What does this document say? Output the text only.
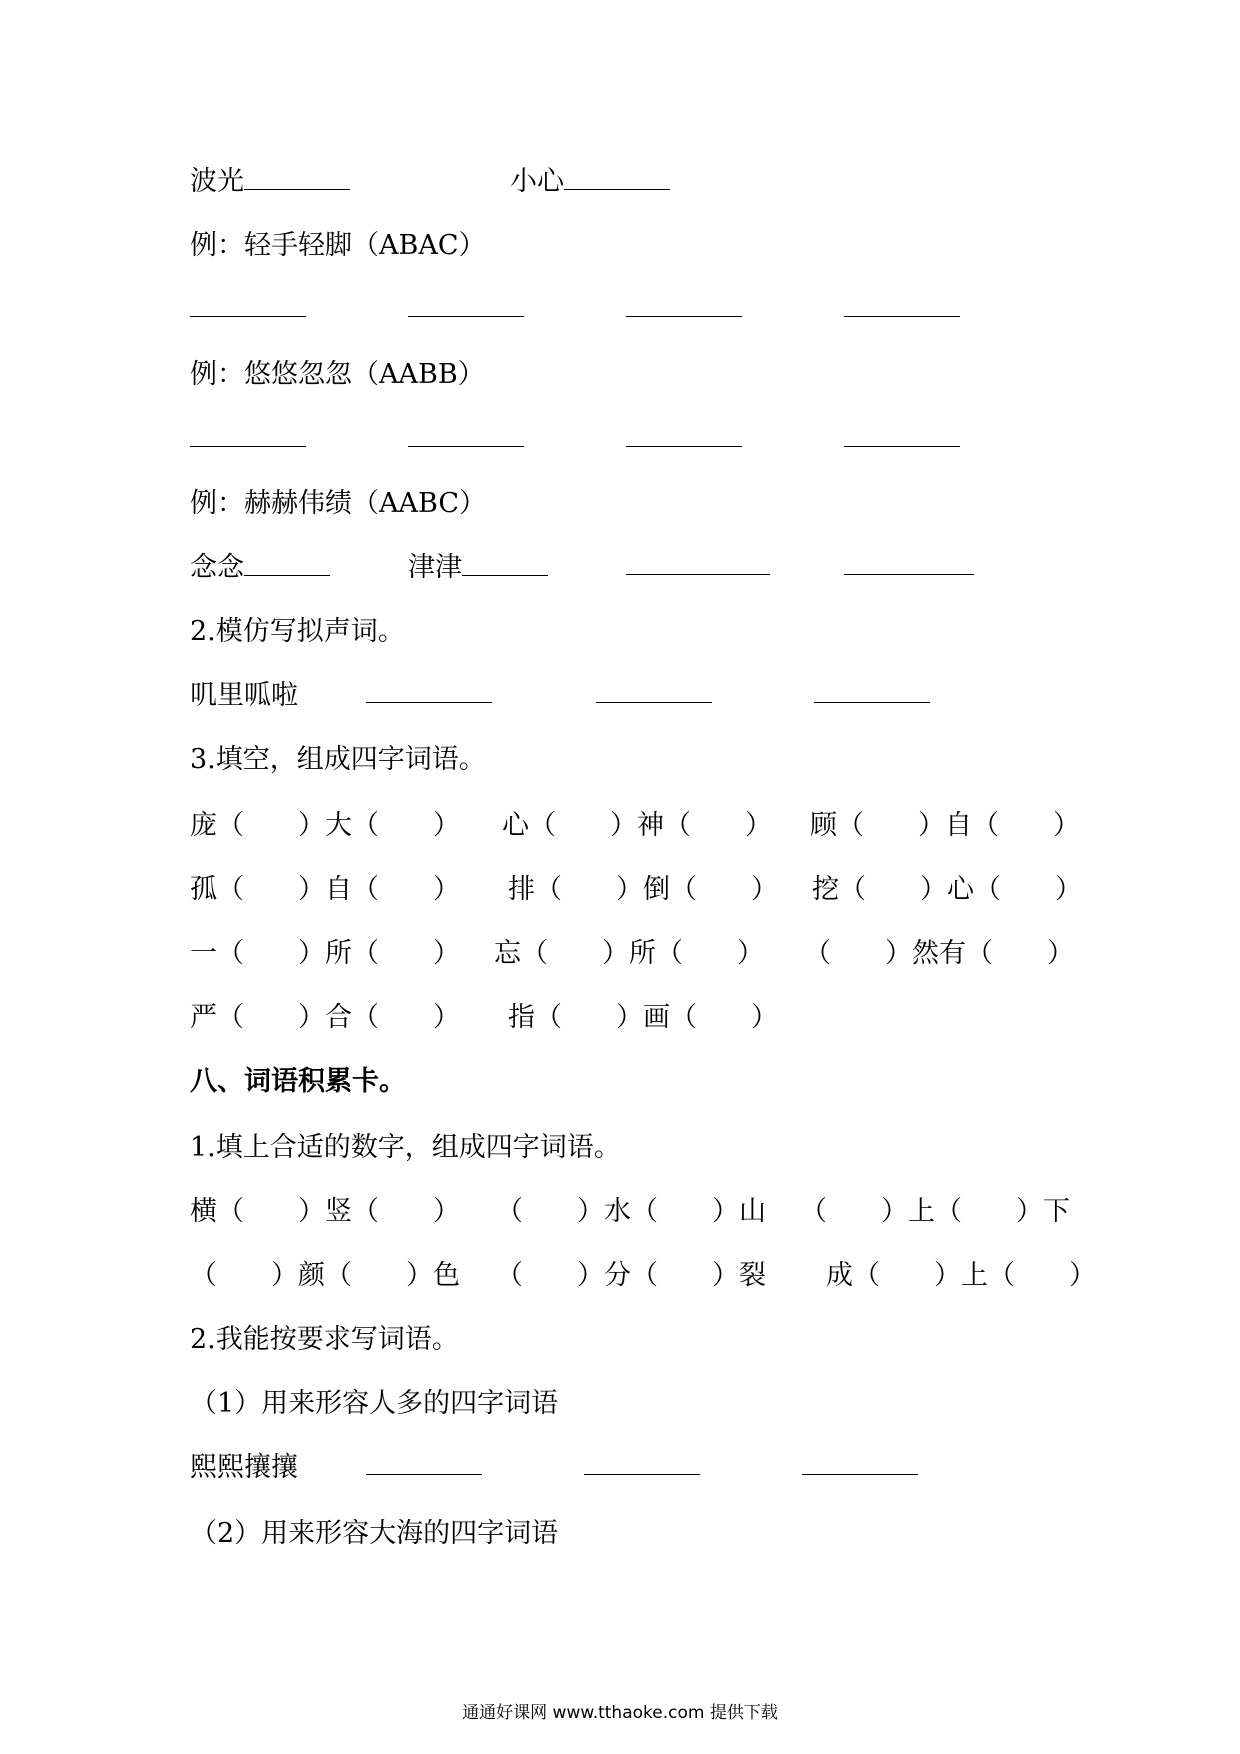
波光	小心
例：轻手轻脚（ABAC）
例：悠悠忽忽（AABB）
例：赫赫伟绩（AABC）
念念	津津
2.模仿写拟声词。
叽里呱啦
3.填空，组成四字词语。
庞（　　）大（　　） 心（　　）神（　　） 顾（　　）自（　　）
孤（　　）自（　　） 排（　　）倒（　　） 挖（　　）心（　　）
一（　　）所（　　） 忘（　　）所（　　） （　　）然有（　　）
严（　　）合（　　） 指（　　）画（　　）
八、词语积累卡。
1.填上合适的数字，组成四字词语。
横（　　）竖（　　） （　　）水（　　）山 （　　）上（　　）下
（　　）颜（　　）色 （　　）分（　　）裂 成（　　）上（　　）
2.我能按要求写词语。
（1）用来形容人多的四字词语
熙熙攘攘
（2）用来形容大海的四字词语
通通好课网 www.tthaoke.com 提供下载
